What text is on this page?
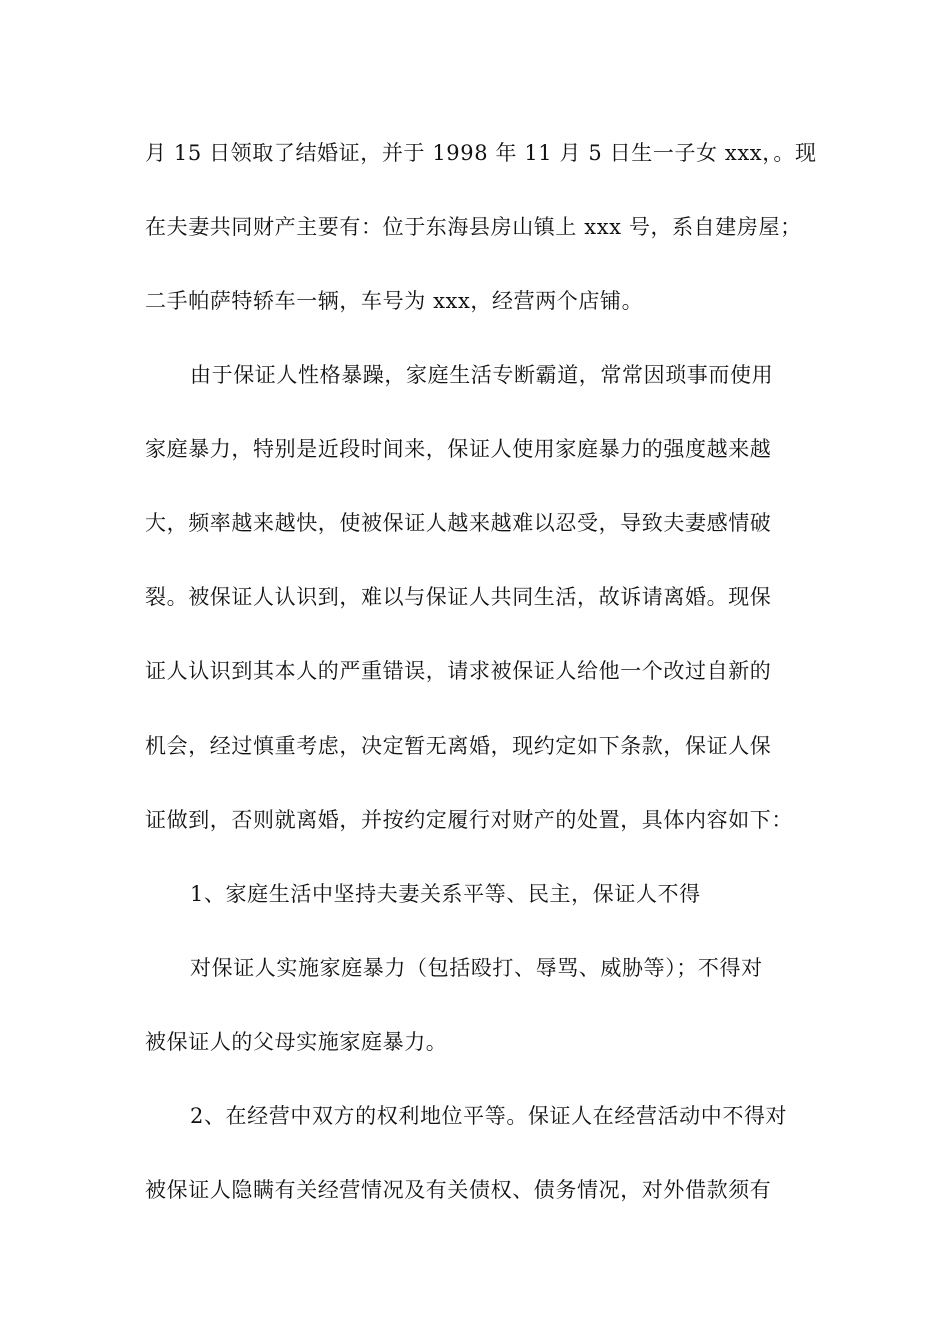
月 15 日领取了结婚证，并于 1998 年 11 月 5 日生一子女 xxx，。现
在夫妻共同财产主要有：位于东海县房山镇上 xxx 号，系自建房屋；
二手帕萨特轿车一辆，车号为 xxx，经营两个店铺。
由于保证人性格暴躁，家庭生活专断霸道，常常因琐事而使用
家庭暴力，特别是近段时间来，保证人使用家庭暴力的强度越来越
大，频率越来越快，使被保证人越来越难以忍受，导致夫妻感情破
裂。被保证人认识到，难以与保证人共同生活，故诉请离婚。现保
证人认识到其本人的严重错误，请求被保证人给他一个改过自新的
机会，经过慎重考虑，决定暂无离婚，现约定如下条款，保证人保
证做到，否则就离婚，并按约定履行对财产的处置，具体内容如下：
1、家庭生活中坚持夫妻关系平等、民主，保证人不得
对保证人实施家庭暴力（包括殴打、辱骂、威胁等）；不得对
被保证人的父母实施家庭暴力。
2、在经营中双方的权利地位平等。保证人在经营活动中不得对
被保证人隐瞒有关经营情况及有关债权、债务情况，对外借款须有
